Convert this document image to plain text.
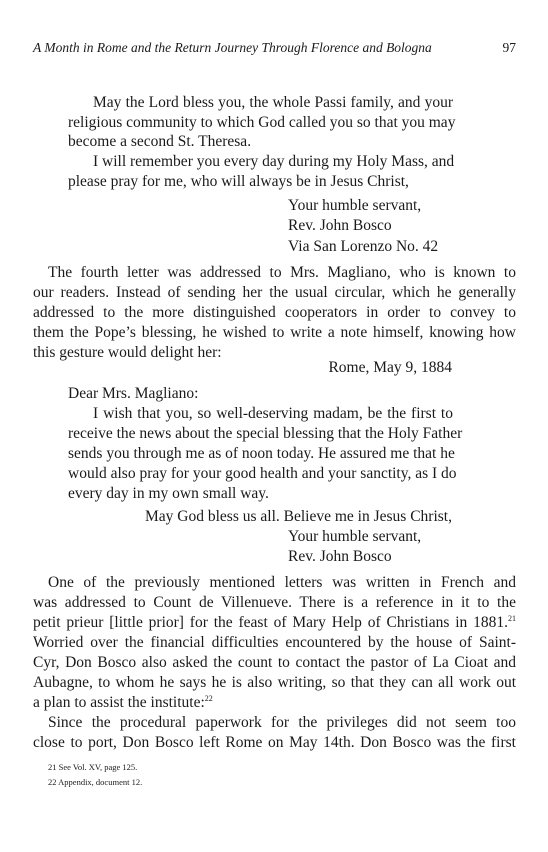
A Month in Rome and the Return Journey Through Florence and Bologna	97
May the Lord bless you, the whole Passi family, and your
religious community to which God called you so that you may
become a second St. Theresa.
I will remember you every day during my Holy Mass, and
please pray for me, who will always be in Jesus Christ,
Your humble servant,
Rev. John Bosco
Via San Lorenzo No. 42
The fourth letter was addressed to Mrs. Magliano, who is known to
our readers. Instead of sending her the usual circular, which he generally
addressed to the more distinguished cooperators in order to convey to
them the Pope’s blessing, he wished to write a note himself, knowing how
this gesture would delight her:
Rome, May 9, 1884
Dear Mrs. Magliano:
I wish that you, so well-deserving madam, be the first to
receive the news about the special blessing that the Holy Father
sends you through me as of noon today. He assured me that he
would also pray for your good health and your sanctity, as I do
every day in my own small way.
May God bless us all. Believe me in Jesus Christ,
Your humble servant,
Rev. John Bosco
One of the previously mentioned letters was written in French and
was addressed to Count de Villenueve. There is a reference in it to the
petit prieur [little prior] for the feast of Mary Help of Christians in 1881.21
Worried over the financial difficulties encountered by the house of Saint-
Cyr, Don Bosco also asked the count to contact the pastor of La Cioat and
Aubagne, to whom he says he is also writing, so that they can all work out
a plan to assist the institute:$^{22}$
Since the procedural paperwork for the privileges did not seem too
close to port, Don Bosco left Rome on May 14th. Don Bosco was the first
21 See Vol. XV, page 125.
22 Appendix, document 12.
